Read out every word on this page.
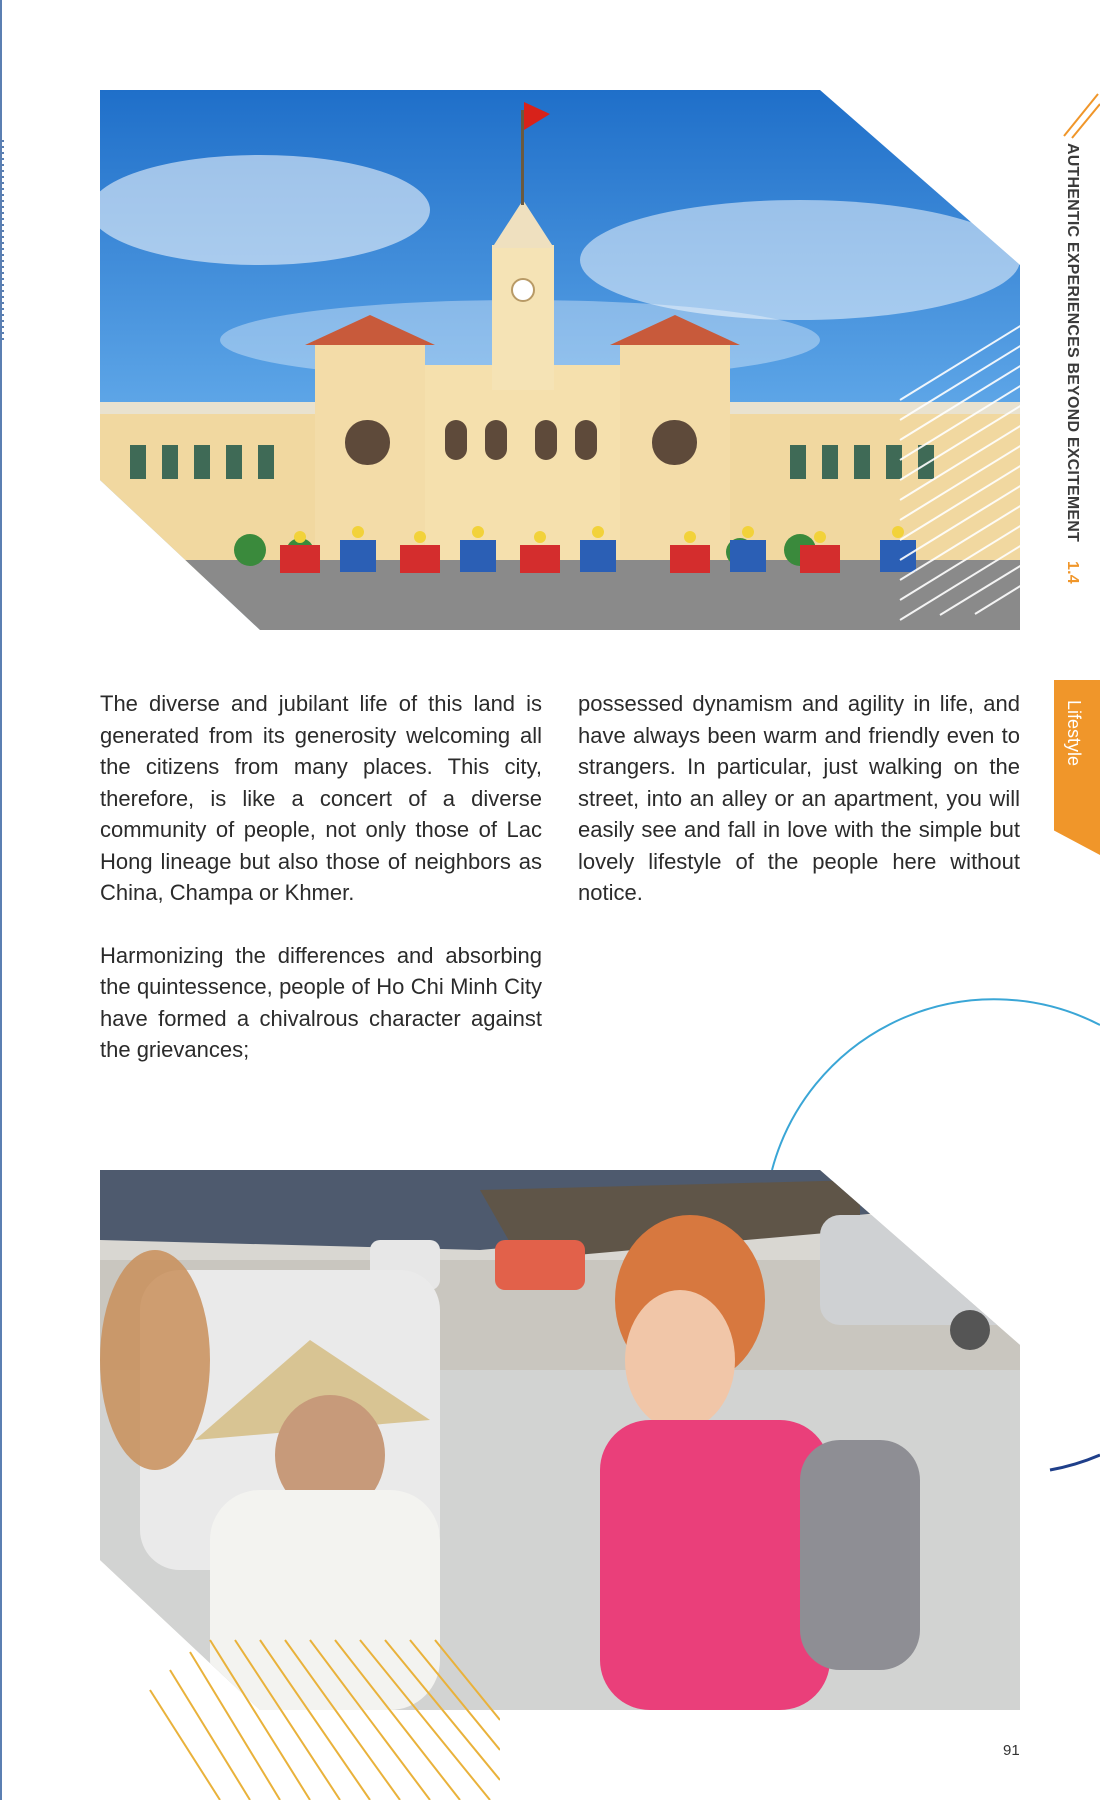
AUTHENTIC EXPERIENCES BEYOND EXCITEMENT 1.4
Lifestyle

The diverse and jubilant life of this land is generated from its generosity welcoming all the citizens from many places. This city, therefore, is like a concert of a diverse community of people, not only those of Lac Hong lineage but also those of neighbors as China, Champa or Khmer.

Harmonizing the differences and absorbing the quintessence, people of Ho Chi Minh City have formed a chivalrous character against the grievances;

possessed dynamism and agility in life, and have always been warm and friendly even to strangers. In particular, just walking on the street, into an alley or an apartment, you will easily see and fall in love with the simple but lovely lifestyle of the people here without notice.

91
